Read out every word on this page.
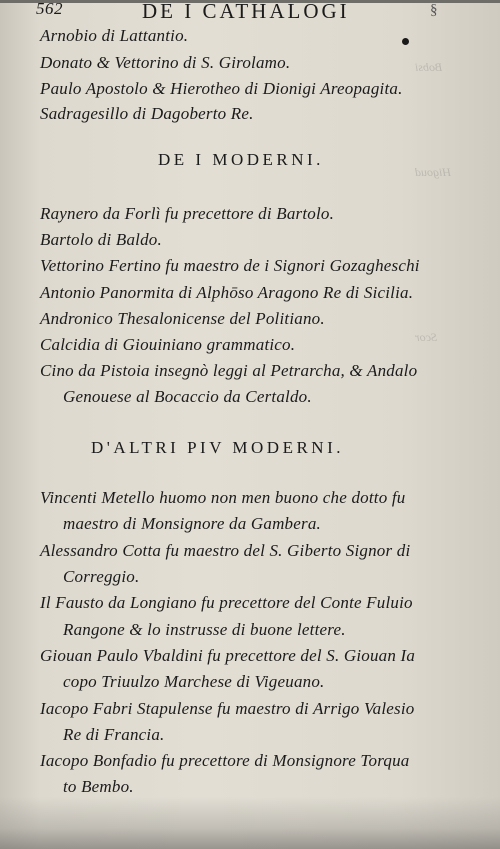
562	DE I CATHALOGI	§
Bobsi
Higoud
Scor
Arnobio di Lattantio.
Donato & Vettorino di S. Girolamo.
Paulo Apostolo & Hierotheo di Dionigi Areopagita.
Sadragesillo di Dagoberto Re.
DE I MODERNI.
Raynero da Forlì fu precettore di Bartolo.
Bartolo di Baldo.
Vettorino Fertino fu maestro de i Signori Gozagheschi
Antonio Panormita di Alphōso Aragono Re di Sicilia.
Andronico Thesalonicense del Politiano.
Calcidia di Giouiniano grammatico.
Cino da Pistoia insegnò leggi al Petrarcha, & Andalo
Genouese al Bocaccio da Certaldo.
D'ALTRI PIV MODERNI.
Vincenti Metello huomo non men buono che dotto fu
maestro di Monsignore da Gambera.
Alessandro Cotta fu maestro del S. Giberto Signor di
Correggio.
Il Fausto da Longiano fu precettore del Conte Fuluio
Rangone & lo instrusse di buone lettere.
Giouan Paulo Vbaldini fu precettore del S. Giouan Ia
copo Triuulzo Marchese di Vigeuano.
Iacopo Fabri Stapulense fu maestro di Arrigo Valesio
Re di Francia.
Iacopo Bonfadio fu precettore di Monsignore Torqua
to Bembo.
